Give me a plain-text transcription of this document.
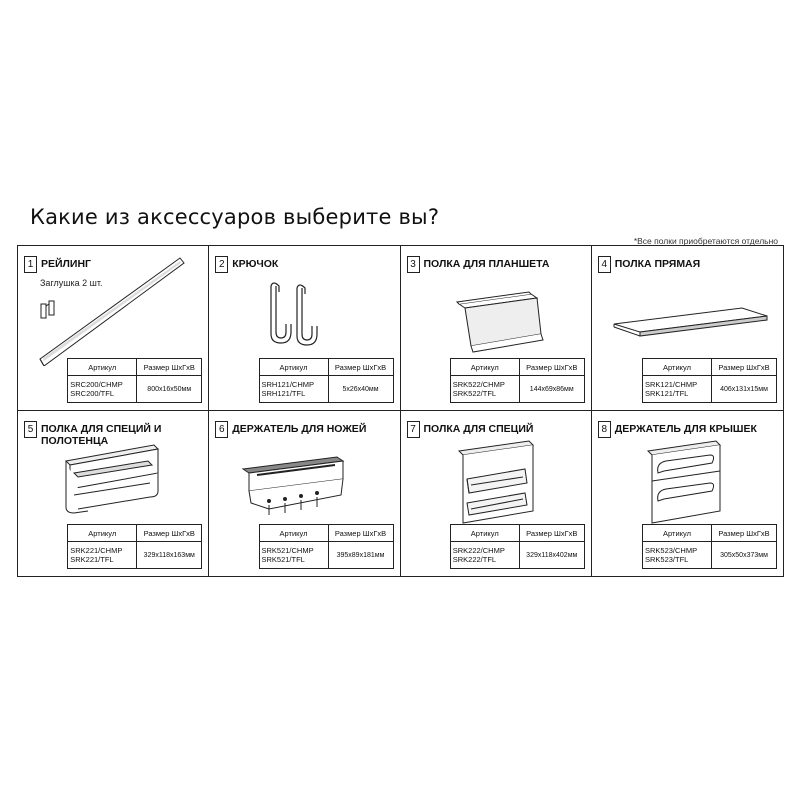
Какие из аксессуаров выберите вы?
*Все полки приобретаются отдельно
1 РЕЙЛИНГ
Заглушка 2 шт.
Артикул	Размер ШхГхВ

SRC200/CHMP
SRC200/TFL	800x16x50мм
2 КРЮЧОК
Артикул	Размер ШхГхВ

SRH121/CHMP
SRH121/TFL	5x26x40мм
3 ПОЛКА ДЛЯ ПЛАНШЕТА
Артикул	Размер ШхГхВ

SRK522/CHMP
SRK522/TFL	144x69x86мм
4 ПОЛКА ПРЯМАЯ
Артикул	Размер ШхГхВ

SRK121/CHMP
SRK121/TFL	406x131x15мм
5 ПОЛКА ДЛЯ СПЕЦИЙ И ПОЛОТЕНЦА
Артикул	Размер ШхГхВ

SRK221/CHMP
SRK221/TFL	329x118x163мм
6 ДЕРЖАТЕЛЬ ДЛЯ НОЖЕЙ
Артикул	Размер ШхГхВ

SRK521/CHMP
SRK521/TFL	395x89x181мм
7 ПОЛКА ДЛЯ СПЕЦИЙ
Артикул	Размер ШхГхВ

SRK222/CHMP
SRK222/TFL	329x118x402мм
8 ДЕРЖАТЕЛЬ ДЛЯ КРЫШЕК
Артикул	Размер ШхГхВ

SRK523/CHMP
SRK523/TFL	305x50x373мм
